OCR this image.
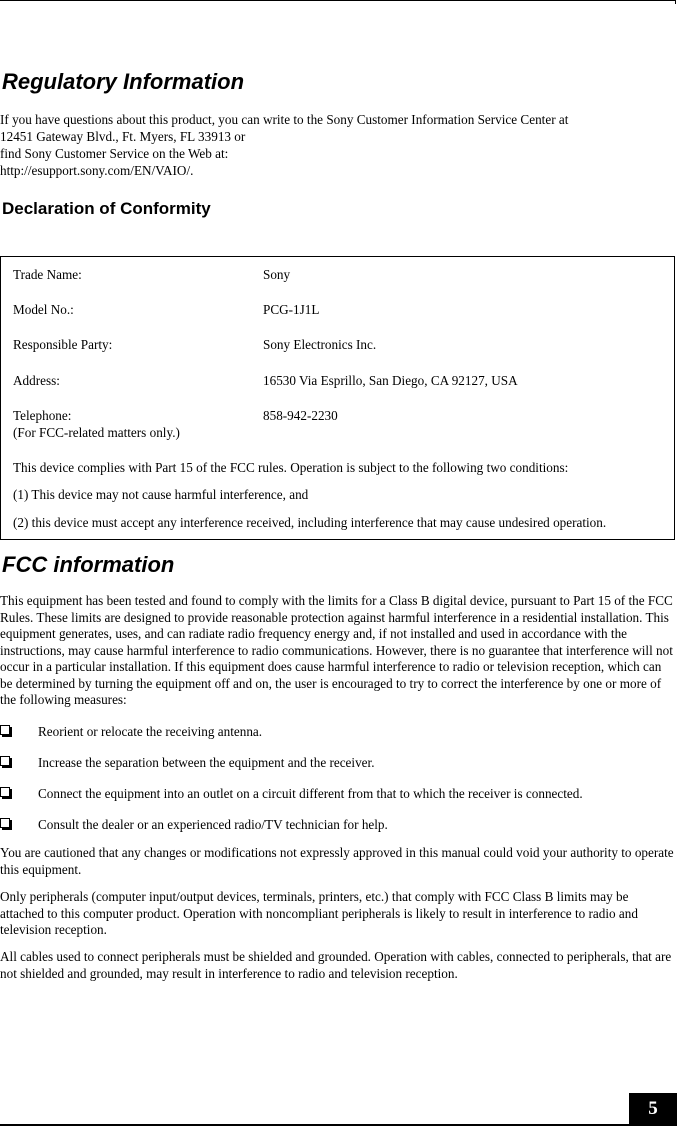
Regulatory Information
If you have questions about this product, you can write to the Sony Customer Information Service Center at
12451 Gateway Blvd., Ft. Myers, FL 33913 or
find Sony Customer Service on the Web at:
http://esupport.sony.com/EN/VAIO/.
Declaration of Conformity
Trade Name:	Sony
Model No.:	PCG-1J1L
Responsible Party:	Sony Electronics Inc.
Address:	16530 Via Esprillo, San Diego, CA 92127, USA
Telephone:	858-942-2230
(For FCC-related matters only.)
This device complies with Part 15 of the FCC rules. Operation is subject to the following two conditions:
(1) This device may not cause harmful interference, and
(2) this device must accept any interference received, including interference that may cause undesired operation.
FCC information

This equipment has been tested and found to comply with the limits for a Class B digital device, pursuant to Part 15 of the FCC Rules. These limits are designed to provide reasonable protection against harmful interference in a residential installation. This equipment generates, uses, and can radiate radio frequency energy and, if not installed and used in accordance with the instructions, may cause harmful interference to radio communications. However, there is no guarantee that interference will not occur in a particular installation. If this equipment does cause harmful interference to radio or television reception, which can be determined by turning the equipment off and on, the user is encouraged to try to correct the interference by one or more of the following measures:

Reorient or relocate the receiving antenna.
Increase the separation between the equipment and the receiver.
Connect the equipment into an outlet on a circuit different from that to which the receiver is connected.
Consult the dealer or an experienced radio/TV technician for help.

You are cautioned that any changes or modifications not expressly approved in this manual could void your authority to operate this equipment.

Only peripherals (computer input/output devices, terminals, printers, etc.) that comply with FCC Class B limits may be attached to this computer product. Operation with noncompliant peripherals is likely to result in interference to radio and television reception.

All cables used to connect peripherals must be shielded and grounded. Operation with cables, connected to peripherals, that are not shielded and grounded, may result in interference to radio and television reception.

5
